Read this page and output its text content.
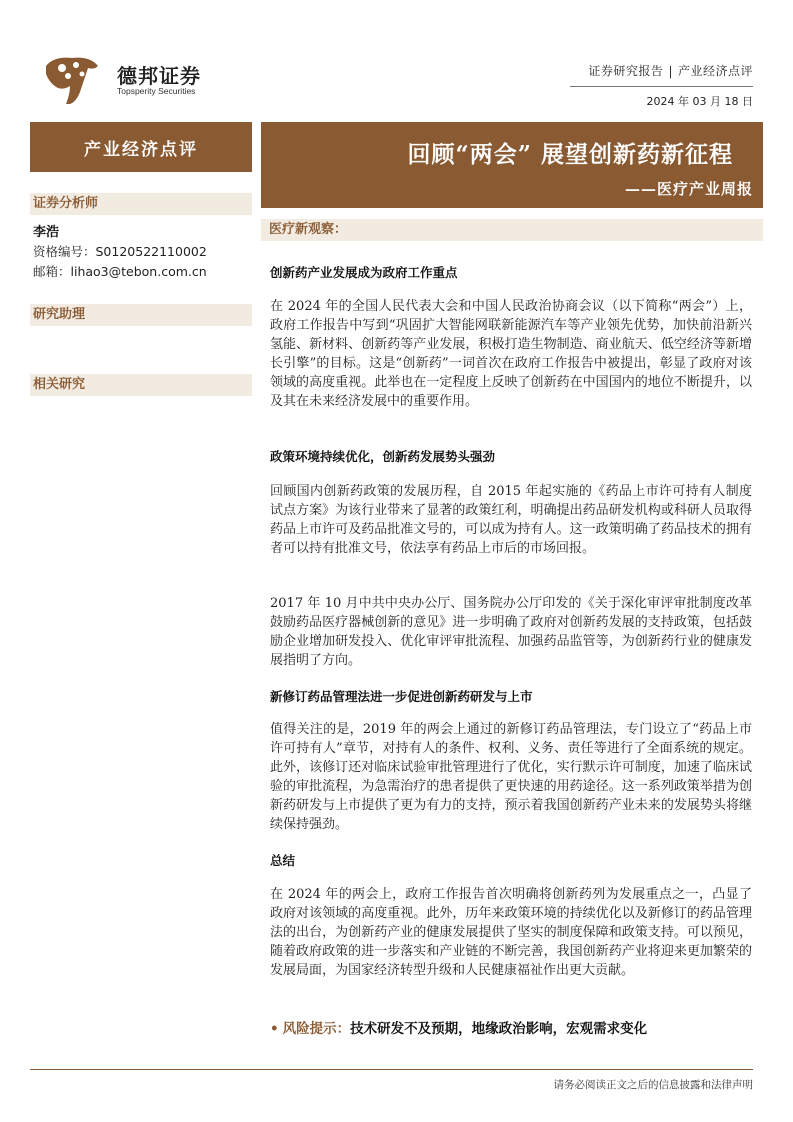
德邦证券
Topsperity Securities
证券研究报告 | 产业经济点评
2024 年 03 月 18 日
产业经济点评
证券分析师
李浩
资格编号：S0120522110002
邮箱：lihao3@tebon.com.cn
研究助理
相关研究
回顾“两会” 展望创新药新征程
——医疗产业周报
医疗新观察：
创新药产业发展成为政府工作重点
在 2024 年的全国人民代表大会和中国人民政治协商会议（以下简称“两会”）上，政府工作报告中写到“巩固扩大智能网联新能源汽车等产业领先优势，加快前沿新兴氢能、新材料、创新药等产业发展，积极打造生物制造、商业航天、低空经济等新增长引擎”的目标。这是“创新药”一词首次在政府工作报告中被提出，彰显了政府对该领域的高度重视。此举也在一定程度上反映了创新药在中国国内的地位不断提升，以及其在未来经济发展中的重要作用。
政策环境持续优化，创新药发展势头强劲
回顾国内创新药政策的发展历程，自 2015 年起实施的《药品上市许可持有人制度试点方案》为该行业带来了显著的政策红利，明确提出药品研发机构或科研人员取得药品上市许可及药品批准文号的，可以成为持有人。这一政策明确了药品技术的拥有者可以持有批准文号，依法享有药品上市后的市场回报。
2017 年 10 月中共中央办公厅、国务院办公厅印发的《关于深化审评审批制度改革鼓励药品医疗器械创新的意见》进一步明确了政府对创新药发展的支持政策，包括鼓励企业增加研发投入、优化审评审批流程、加强药品监管等，为创新药行业的健康发展指明了方向。
新修订药品管理法进一步促进创新药研发与上市
值得关注的是，2019 年的两会上通过的新修订药品管理法，专门设立了“药品上市许可持有人”章节，对持有人的条件、权利、义务、责任等进行了全面系统的规定。此外，该修订还对临床试验审批管理进行了优化，实行默示许可制度，加速了临床试验的审批流程，为急需治疗的患者提供了更快速的用药途径。这一系列政策举措为创新药研发与上市提供了更为有力的支持，预示着我国创新药产业未来的发展势头将继续保持强劲。
总结
在 2024 年的两会上，政府工作报告首次明确将创新药列为发展重点之一，凸显了政府对该领域的高度重视。此外，历年来政策环境的持续优化以及新修订的药品管理法的出台，为创新药产业的健康发展提供了坚实的制度保障和政策支持。可以预见，随着政府政策的进一步落实和产业链的不断完善，我国创新药产业将迎来更加繁荣的发展局面，为国家经济转型升级和人民健康福祉作出更大贡献。
• 风险提示：技术研发不及预期，地缘政治影响，宏观需求变化
请务必阅读正文之后的信息披露和法律声明
